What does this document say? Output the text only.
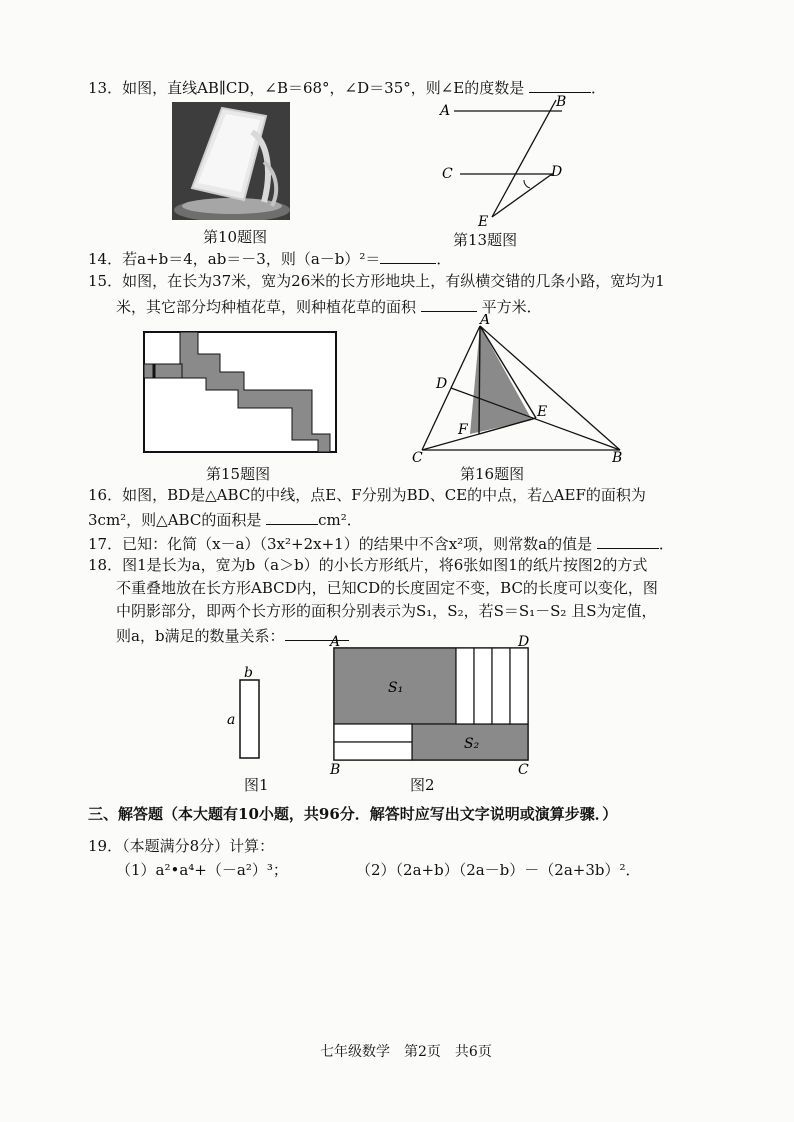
13．如图，直线AB∥CD，∠B＝68°，∠D＝35°，则∠E的度数是	．
第10题图
A
B
C	D
E
第13题图
14．若a+b＝4，ab＝－3，则（a－b）²＝	．
15．如图，在长为37米，宽为26米的长方形地块上，有纵横交错的几条小路，宽均为1
米，其它部分均种植花草，则种植花草的面积	平方米．
第15题图
A
B
C
D
E
F
第16题图
16．如图，BD是△ABC的中线，点E、F分别为BD、CE的中点，若△AEF的面积为
3cm²，则△ABC的面积是	cm²．
17．已知：化简（x－a）（3x²+2x+1）的结果中不含x²项，则常数a的值是	．
18．图1是长为a，宽为b（a＞b）的小长方形纸片，将6张如图1的纸片按图2的方式
不重叠地放在长方形ABCD内，已知CD的长度固定不变，BC的长度可以变化，图
中阴影部分，即两个长方形的面积分别表示为S₁，S₂，若S＝S₁－S₂ 且S为定值，
则a，b满足的数量关系：
b
a
图1
A	D
B	C
S₁
S₂
图2
三、解答题（本大题有10小题，共96分．解答时应写出文字说明或演算步骤．）
19．（本题满分8分）计算：
（1）a²•a⁴+（－a²）³；	（2）（2a+b）（2a－b）－（2a+3b）²．
七年级数学　第2页　共6页
